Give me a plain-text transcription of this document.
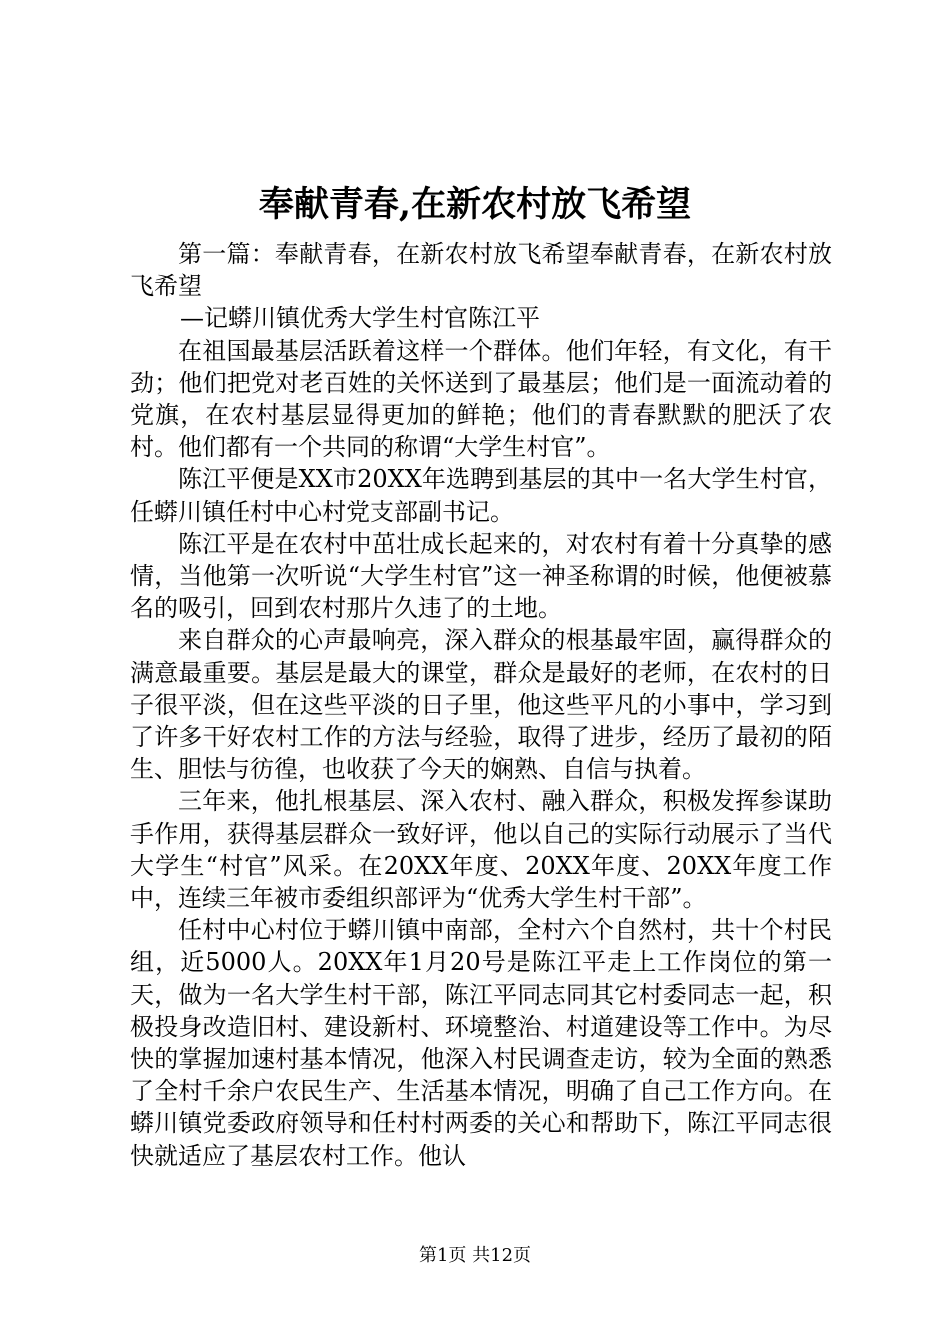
奉献青春,在新农村放飞希望

第一篇：奉献青春，在新农村放飞希望奉献青春，在新农村放飞希望

—记蟒川镇优秀大学生村官陈江平

在祖国最基层活跃着这样一个群体。他们年轻，有文化，有干劲；他们把党对老百姓的关怀送到了最基层；他们是一面流动着的党旗，在农村基层显得更加的鲜艳；他们的青春默默的肥沃了农村。他们都有一个共同的称谓“大学生村官”。

陈江平便是XX市20XX年选聘到基层的其中一名大学生村官，任蟒川镇任村中心村党支部副书记。

陈江平是在农村中茁壮成长起来的，对农村有着十分真挚的感情，当他第一次听说“大学生村官”这一神圣称谓的时候，他便被慕名的吸引，回到农村那片久违了的土地。

来自群众的心声最响亮，深入群众的根基最牢固，赢得群众的满意最重要。基层是最大的课堂，群众是最好的老师，在农村的日子很平淡，但在这些平淡的日子里，他这些平凡的小事中，学习到了许多干好农村工作的方法与经验，取得了进步，经历了最初的陌生、胆怯与彷徨，也收获了今天的娴熟、自信与执着。

三年来，他扎根基层、深入农村、融入群众，积极发挥参谋助手作用，获得基层群众一致好评，他以自己的实际行动展示了当代大学生“村官”风采。在20XX年度、20XX年度、20XX年度工作中，连续三年被市委组织部评为“优秀大学生村干部”。

任村中心村位于蟒川镇中南部，全村六个自然村，共十个村民组，近5000人。20XX年1月20号是陈江平走上工作岗位的第一天，做为一名大学生村干部，陈江平同志同其它村委同志一起，积极投身改造旧村、建设新村、环境整治、村道建设等工作中。为尽快的掌握加速村基本情况，他深入村民调查走访，较为全面的熟悉了全村千余户农民生产、生活基本情况，明确了自己工作方向。在蟒川镇党委政府领导和任村村两委的关心和帮助下，陈江平同志很快就适应了基层农村工作。他认

第1页 共12页
